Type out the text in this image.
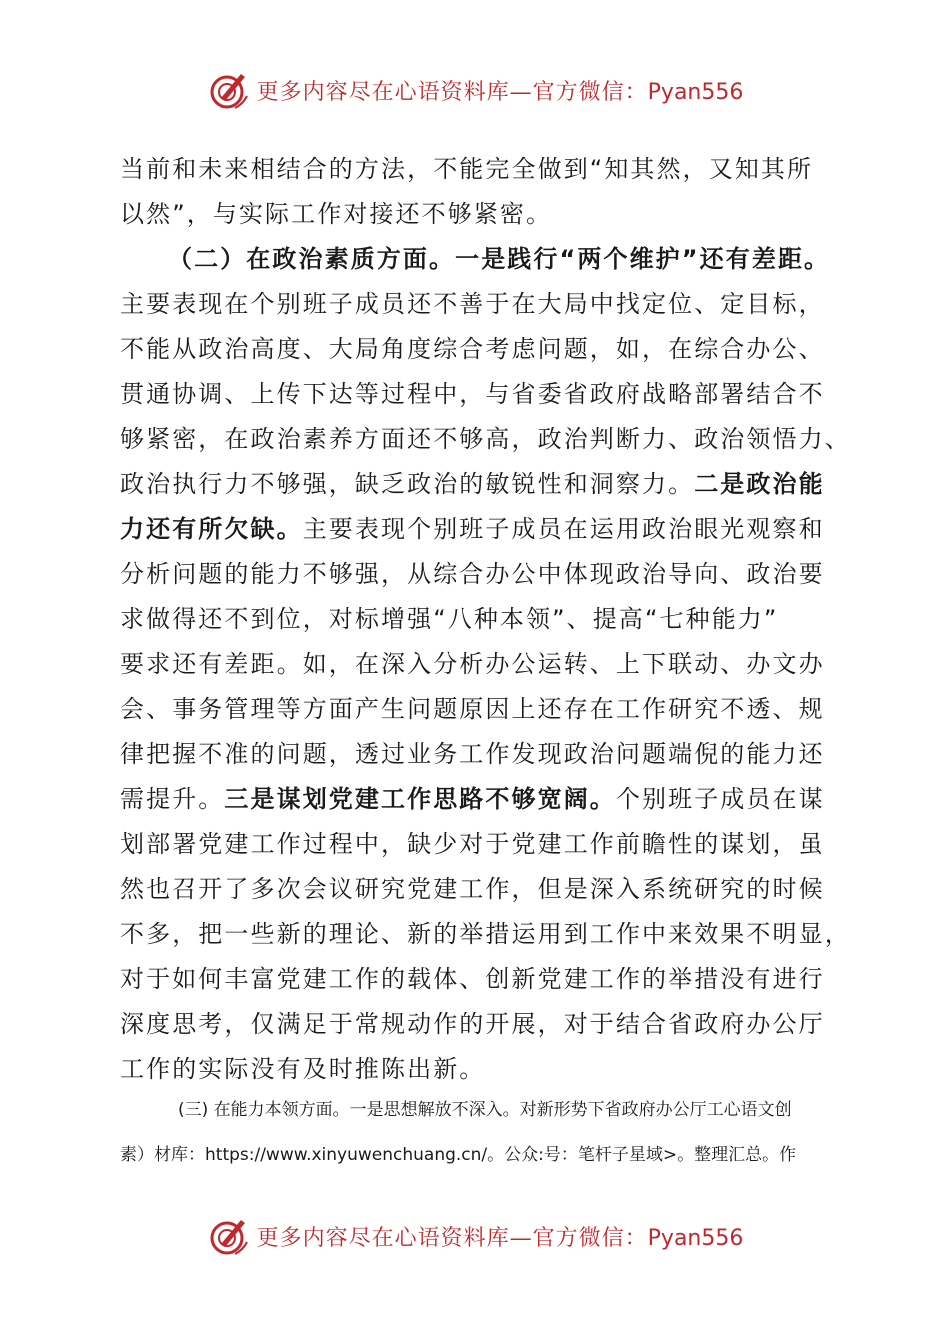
更多内容尽在心语资料库—官方微信：Pyan556
当前和未来相结合的方法，不能完全做到“知其然，又知其所
以然”，与实际工作对接还不够紧密。
（二）在政治素质方面。一是践行“两个维护”还有差距。
主要表现在个别班子成员还不善于在大局中找定位、定目标，
不能从政治高度、大局角度综合考虑问题，如，在综合办公、
贯通协调、上传下达等过程中，与省委省政府战略部署结合不
够紧密，在政治素养方面还不够高，政治判断力、政治领悟力、
政治执行力不够强，缺乏政治的敏锐性和洞察力。二是政治能
力还有所欠缺。主要表现个别班子成员在运用政治眼光观察和
分析问题的能力不够强，从综合办公中体现政治导向、政治要
求做得还不到位，对标增强“八种本领”、提高“七种能力”
要求还有差距。如，在深入分析办公运转、上下联动、办文办
会、事务管理等方面产生问题原因上还存在工作研究不透、规
律把握不准的问题，透过业务工作发现政治问题端倪的能力还
需提升。三是谋划党建工作思路不够宽阔。个别班子成员在谋
划部署党建工作过程中，缺少对于党建工作前瞻性的谋划，虽
然也召开了多次会议研究党建工作，但是深入系统研究的时候
不多，把一些新的理论、新的举措运用到工作中来效果不明显，
对于如何丰富党建工作的载体、创新党建工作的举措没有进行
深度思考，仅满足于常规动作的开展，对于结合省政府办公厅
工作的实际没有及时推陈出新。
(三) 在能力本领方面。一是思想解放不深入。对新形势下省政府办公厅工心语文创
素）材库：https://www.xinyuwenchuang.cn/。公众:号：笔杆子星域>。整理汇总。作
更多内容尽在心语资料库—官方微信：Pyan556
